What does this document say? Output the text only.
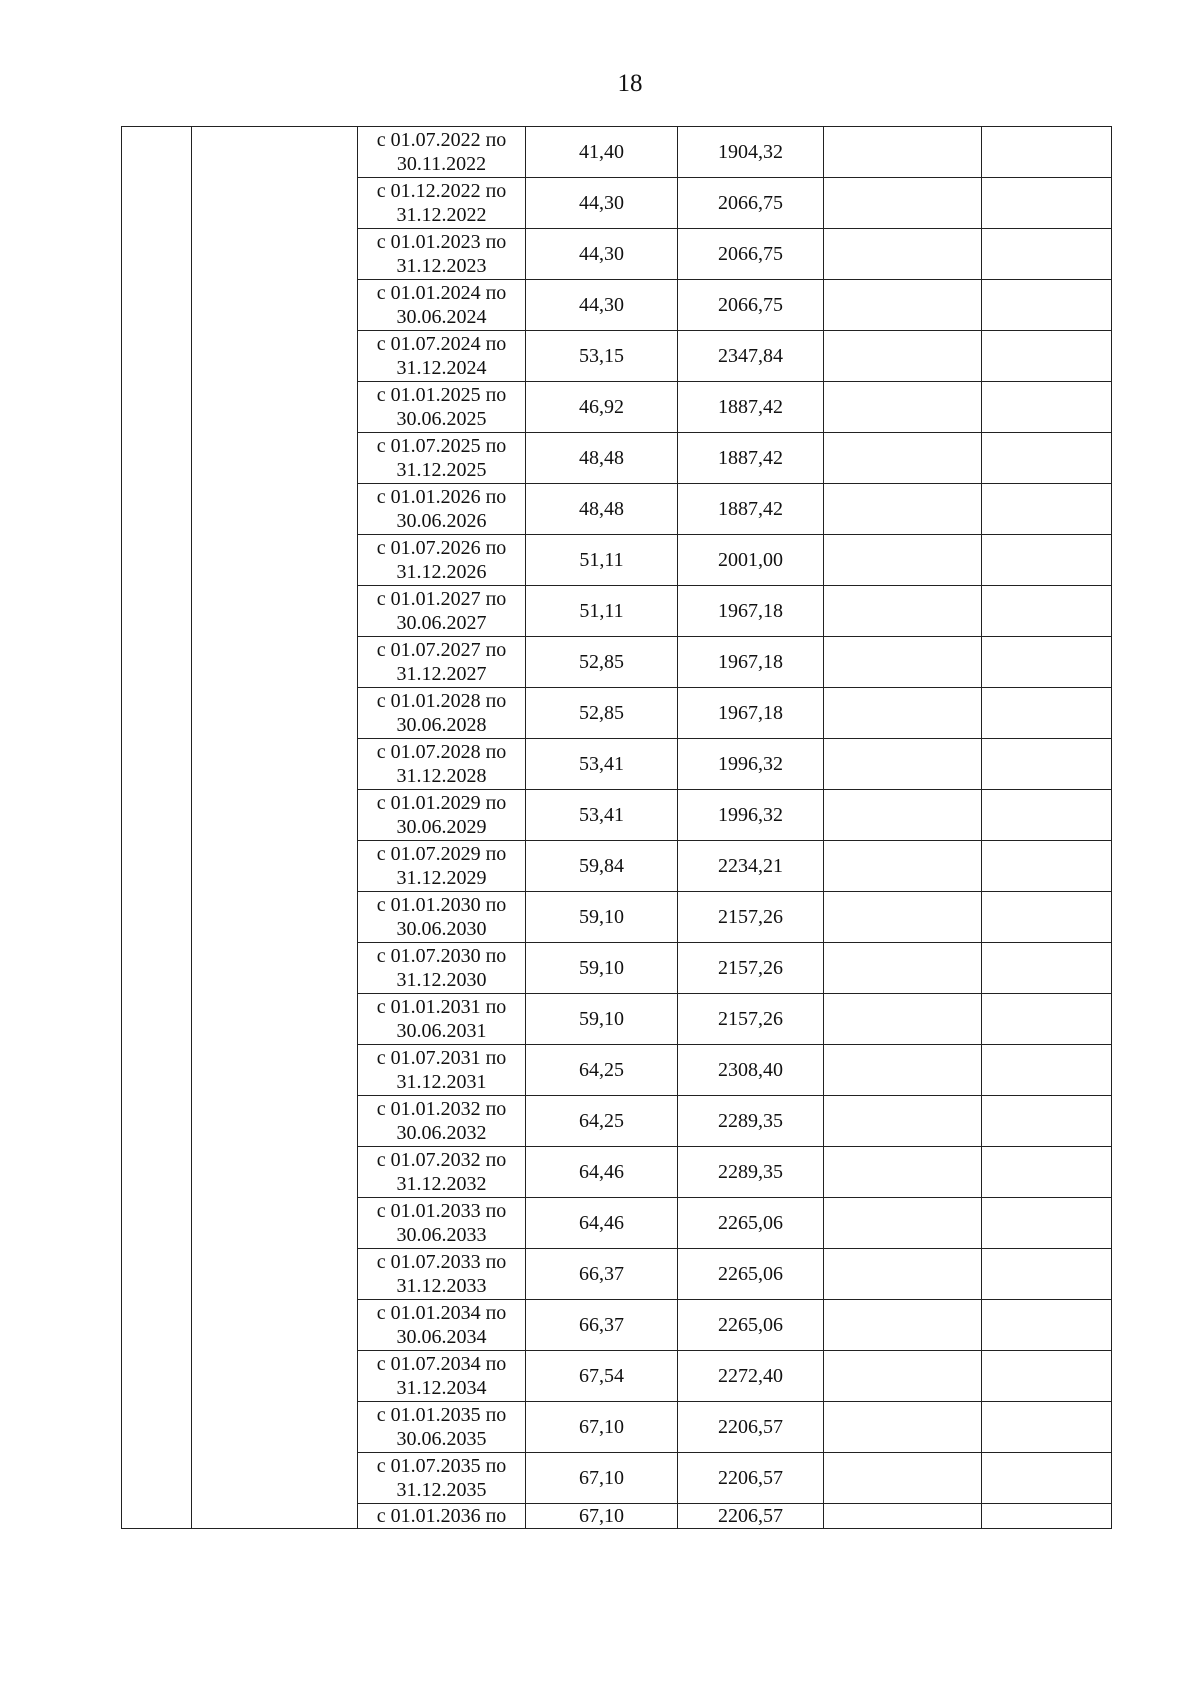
18

		с 01.07.2022 по
30.11.2022	41,40	1904,32		

		с 01.12.2022 по
31.12.2022	44,30	2066,75		

		с 01.01.2023 по
31.12.2023	44,30	2066,75		

		с 01.01.2024 по
30.06.2024	44,30	2066,75		

		с 01.07.2024 по
31.12.2024	53,15	2347,84		

		с 01.01.2025 по
30.06.2025	46,92	1887,42		

		с 01.07.2025 по
31.12.2025	48,48	1887,42		

		с 01.01.2026 по
30.06.2026	48,48	1887,42		

		с 01.07.2026 по
31.12.2026	51,11	2001,00		

		с 01.01.2027 по
30.06.2027	51,11	1967,18		

		с 01.07.2027 по
31.12.2027	52,85	1967,18		

		с 01.01.2028 по
30.06.2028	52,85	1967,18		

		с 01.07.2028 по
31.12.2028	53,41	1996,32		

		с 01.01.2029 по
30.06.2029	53,41	1996,32		

		с 01.07.2029 по
31.12.2029	59,84	2234,21		

		с 01.01.2030 по
30.06.2030	59,10	2157,26		

		с 01.07.2030 по
31.12.2030	59,10	2157,26		

		с 01.01.2031 по
30.06.2031	59,10	2157,26		

		с 01.07.2031 по
31.12.2031	64,25	2308,40		

		с 01.01.2032 по
30.06.2032	64,25	2289,35		

		с 01.07.2032 по
31.12.2032	64,46	2289,35		

		с 01.01.2033 по
30.06.2033	64,46	2265,06		

		с 01.07.2033 по
31.12.2033	66,37	2265,06		

		с 01.01.2034 по
30.06.2034	66,37	2265,06		

		с 01.07.2034 по
31.12.2034	67,54	2272,40		

		с 01.01.2035 по
30.06.2035	67,10	2206,57		

		с 01.07.2035 по
31.12.2035	67,10	2206,57		

		с 01.01.2036 по	67,10	2206,57		
